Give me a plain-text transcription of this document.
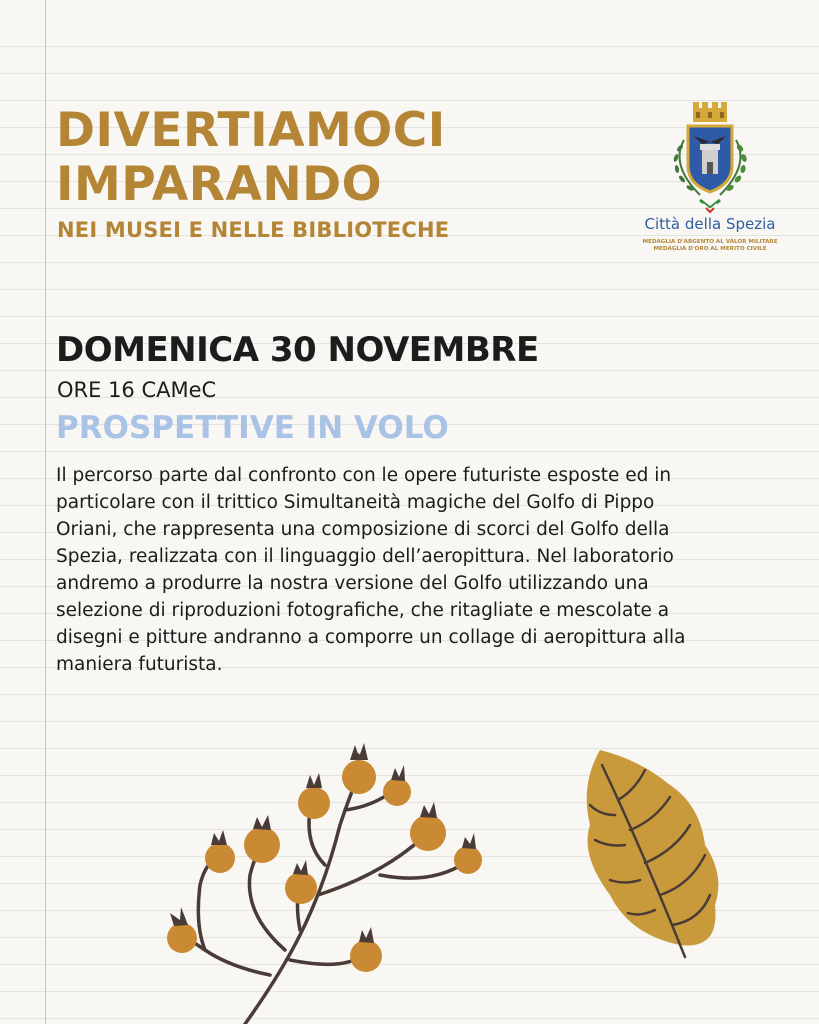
DIVERTIAMOCI
IMPARANDO
NEI MUSEI E NELLE BIBLIOTECHE	Città della Spezia
MEDAGLIA D'ARGENTO AL VALOR MILITARE
MEDAGLIA D'ORO AL MERITO CIVILE
DOMENICA 30 NOVEMBRE
ORE 16 CAMeC
PROSPETTIVE IN VOLO
Il percorso parte dal confronto con le opere futuriste esposte ed in
particolare con il trittico Simultaneità magiche del Golfo di Pippo
Oriani, che rappresenta una composizione di scorci del Golfo della
Spezia, realizzata con il linguaggio dell’aeropittura. Nel laboratorio
andremo a produrre la nostra versione del Golfo utilizzando una
selezione di riproduzioni fotografiche, che ritagliate e mescolate a
disegni e pitture andranno a comporre un collage di aeropittura alla
maniera futurista.
